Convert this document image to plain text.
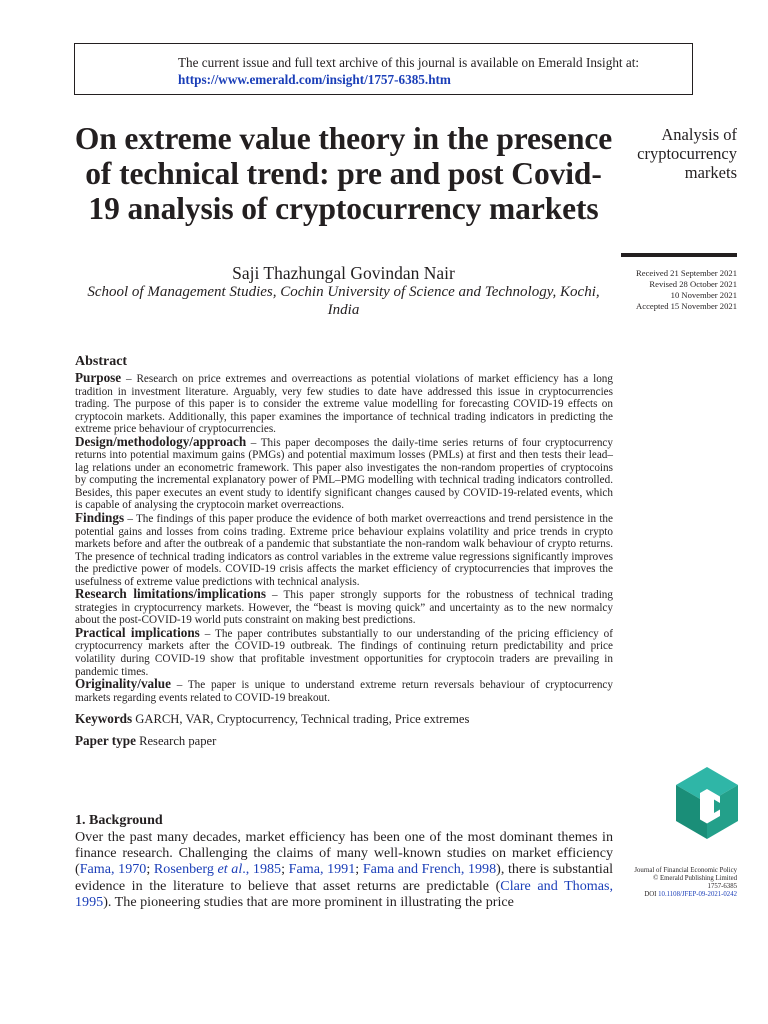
The current issue and full text archive of this journal is available on Emerald Insight at:
https://www.emerald.com/insight/1757-6385.htm
On extreme value theory in the presence of technical trend: pre and post Covid-19 analysis of cryptocurrency markets
Saji Thazhungal Govindan Nair
School of Management Studies, Cochin University of Science and Technology, Kochi, India
Analysis of
cryptocurrency
markets
Received 21 September 2021
Revised 28 October 2021
10 November 2021
Accepted 15 November 2021
Abstract

Purpose – Research on price extremes and overreactions as potential violations of market efficiency has a long tradition in investment literature. Arguably, very few studies to date have addressed this issue in cryptocurrencies trading. The purpose of this paper is to consider the extreme value modelling for forecasting COVID-19 effects on cryptocoin markets. Additionally, this paper examines the importance of technical trading indicators in predicting the extreme price behaviour of cryptocurrencies.

Design/methodology/approach – This paper decomposes the daily-time series returns of four cryptocurrency returns into potential maximum gains (PMGs) and potential maximum losses (PMLs) at first and then tests their lead–lag relations under an econometric framework. This paper also investigates the non-random properties of cryptocoins by computing the incremental explanatory power of PML–PMG modelling with technical trading indicators controlled. Besides, this paper executes an event study to identify significant changes caused by COVID-19-related events, which is capable of analysing the cryptocoin market overreactions.

Findings – The findings of this paper produce the evidence of both market overreactions and trend persistence in the potential gains and losses from coins trading. Extreme price behaviour explains volatility and price trends in crypto markets before and after the outbreak of a pandemic that substantiate the non-random walk behaviour of crypto returns. The presence of technical trading indicators as control variables in the extreme value regressions significantly improves the predictive power of models. COVID-19 crisis affects the market efficiency of cryptocurrencies that improves the usefulness of extreme value predictions with technical analysis.

Research limitations/implications – This paper strongly supports for the robustness of technical trading strategies in cryptocurrency markets. However, the “beast is moving quick” and uncertainty as to the new normalcy about the post-COVID-19 world puts constraint on making best predictions.

Practical implications – The paper contributes substantially to our understanding of the pricing efficiency of cryptocurrency markets after the COVID-19 outbreak. The findings of continuing return predictability and price volatility during COVID-19 show that profitable investment opportunities for cryptocoin traders are prevailing in pandemic times.

Originality/value – The paper is unique to understand extreme return reversals behaviour of cryptocurrency markets regarding events related to COVID-19 breakout.

Keywords GARCH, VAR, Cryptocurrency, Technical trading, Price extremes

Paper type Research paper

1. Background
Over the past many decades, market efficiency has been one of the most dominant themes in finance research. Challenging the claims of many well-known studies on market efficiency (Fama, 1970; Rosenberg et al., 1985; Fama, 1991; Fama and French, 1998), there is substantial evidence in the literature to believe that asset returns are predictable (Clare and Thomas, 1995). The pioneering studies that are more prominent in illustrating the price
Journal of Financial Economic Policy
© Emerald Publishing Limited
1757-6385
DOI 10.1108/JFEP-09-2021-0242
